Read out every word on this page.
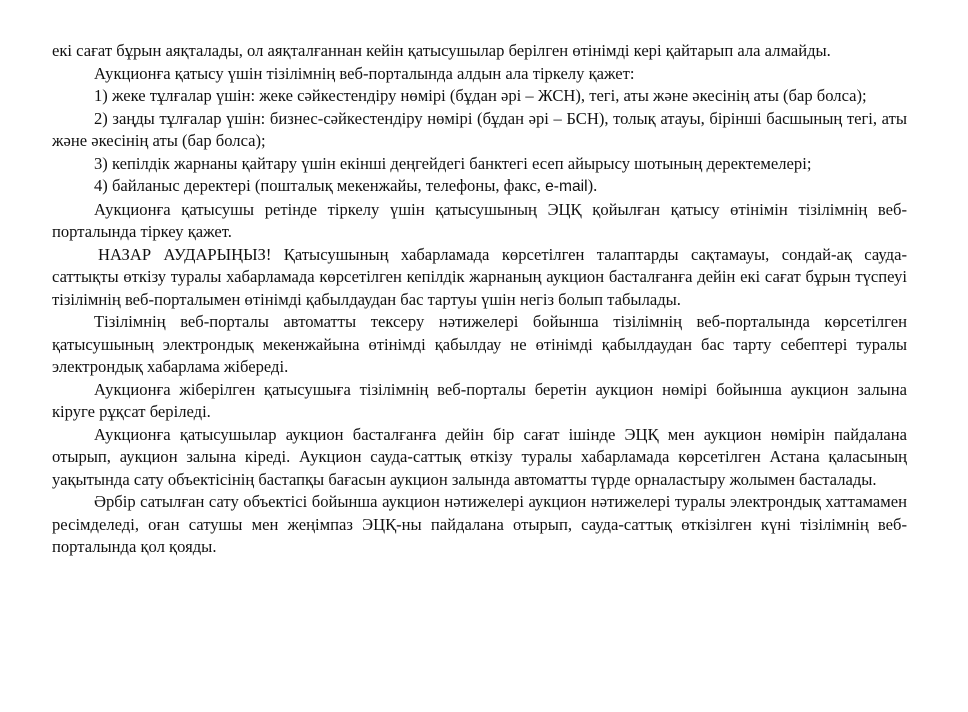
екі сағат бұрын аяқталады, ол аяқталғаннан кейін қатысушылар берілген өтінімді кері қайтарып ала алмайды.

Аукционға қатысу үшін тізілімнің веб-порталында алдын ала тіркелу қажет:

1) жеке тұлғалар үшін: жеке сәйкестендіру нөмірі (бұдан әрі – ЖСН), тегі, аты және әкесінің аты (бар болса);

2) заңды тұлғалар үшін: бизнес-сәйкестендіру нөмірі (бұдан әрі – БСН), толық атауы, бірінші басшының тегі, аты және әкесінің аты (бар болса);

3) кепілдік жарнаны қайтару үшін екінші деңгейдегі банктегі есеп айырысу шотының деректемелері;

4) байланыс деректері (пошталық мекенжайы, телефоны, факс, e-mail).

Аукционға қатысушы ретінде тіркелу үшін қатысушының ЭЦҚ қойылған қатысу өтінімін тізілімнің веб-порталында тіркеу қажет.

НАЗАР АУДАРЫҢЫЗ! Қатысушының хабарламада көрсетілген талаптарды сақтамауы, сондай-ақ сауда-саттықты өткізу туралы хабарламада көрсетілген кепілдік жарнаның аукцион басталғанға дейін екі сағат бұрын түспеуі тізілімнің веб-порталымен өтінімді қабылдаудан бас тартуы үшін негіз болып табылады.

Тізілімнің веб-порталы автоматты тексеру нәтижелері бойынша тізілімнің веб-порталында көрсетілген қатысушының электрондық мекенжайына өтінімді қабылдау не өтінімді қабылдаудан бас тарту себептері туралы электрондық хабарлама жібереді.

Аукционға жіберілген қатысушыға тізілімнің веб-порталы беретін аукцион нөмірі бойынша аукцион залына кіруге рұқсат беріледі.

Аукционға қатысушылар аукцион басталғанға дейін бір сағат ішінде ЭЦҚ мен аукцион нөмірін пайдалана отырып, аукцион залына кіреді. Аукцион сауда-саттық өткізу туралы хабарламада көрсетілген Астана қаласының уақытында сату объектісінің бастапқы бағасын аукцион залында автоматты түрде орналастыру жолымен басталады.

Әрбір сатылған сату объектісі бойынша аукцион нәтижелері аукцион нәтижелері туралы электрондық хаттамамен ресімделеді, оған сатушы мен жеңімпаз ЭЦҚ-ны пайдалана отырып, сауда-саттық өткізілген күні тізілімнің веб-порталында қол қояды.
